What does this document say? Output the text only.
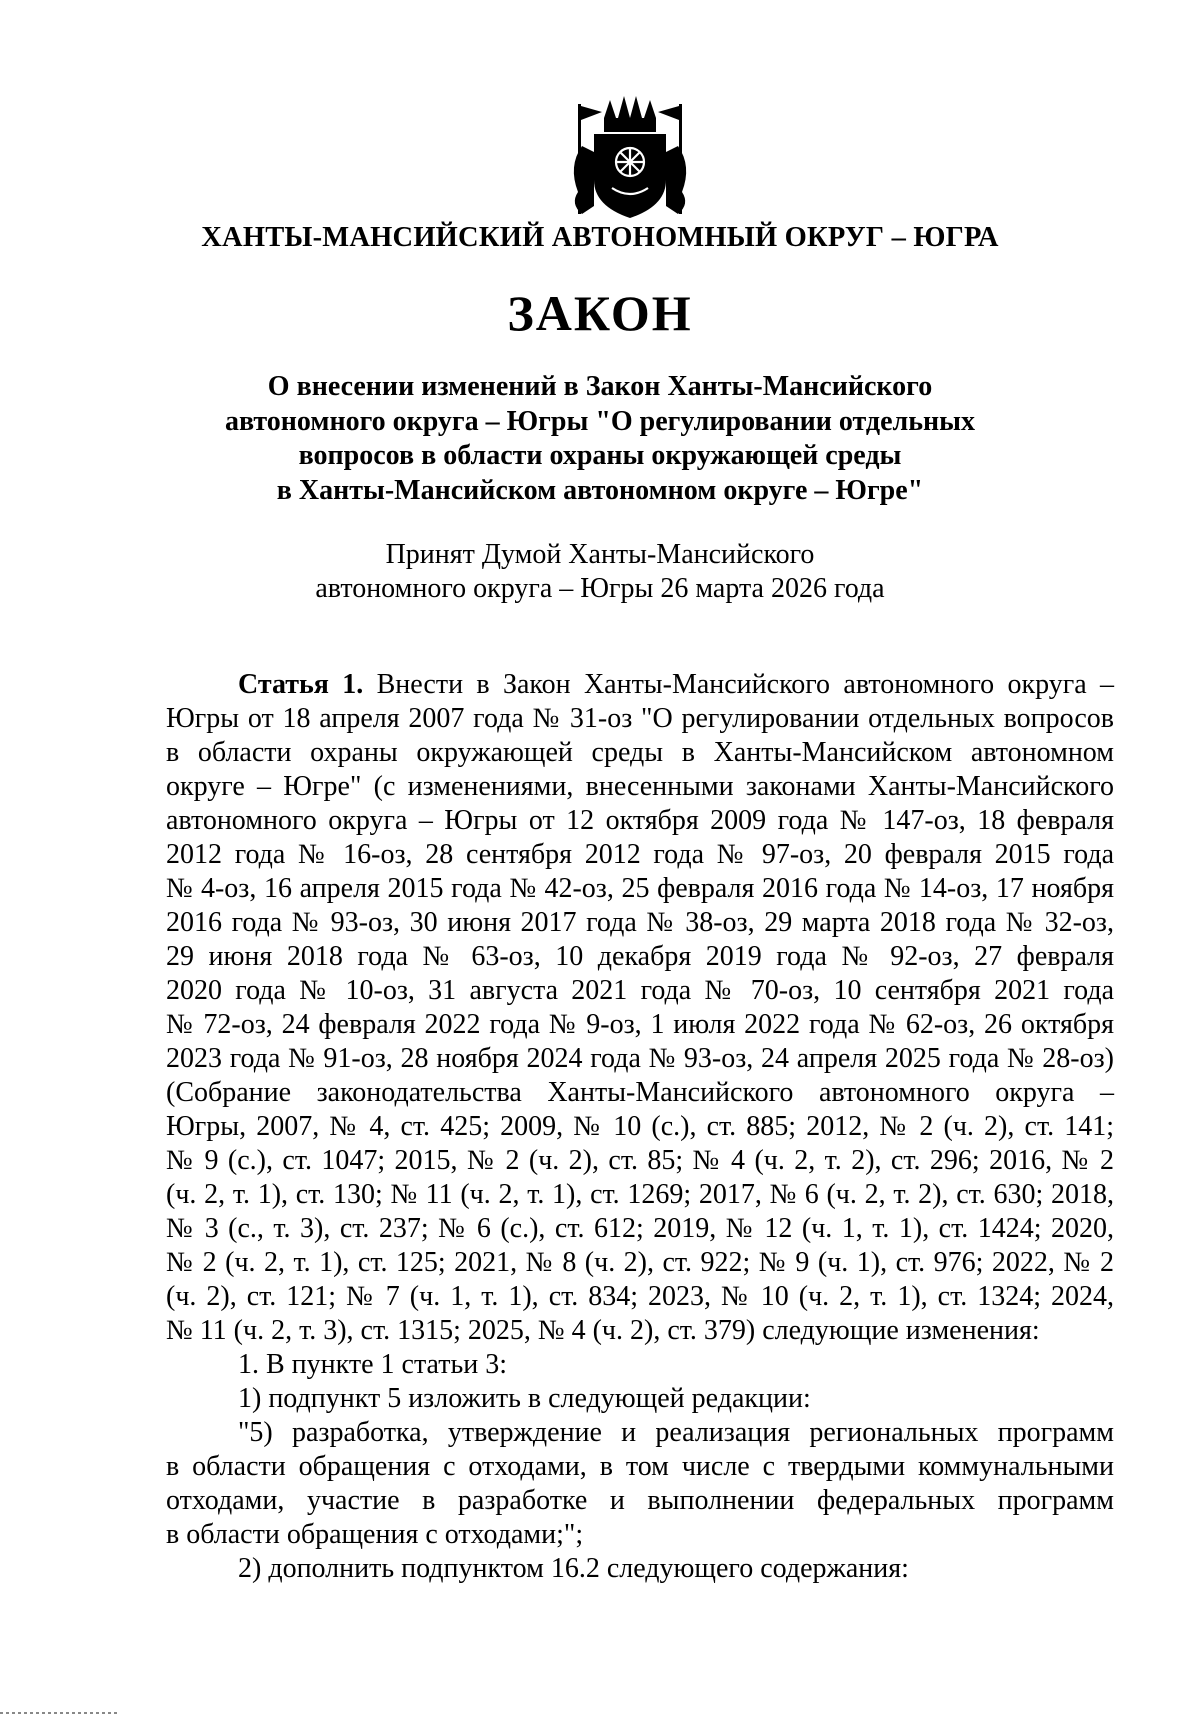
ХАНТЫ-МАНСИЙСКИЙ АВТОНОМНЫЙ ОКРУГ – ЮГРА
ЗАКОН
О внесении изменений в Закон Ханты-Мансийского
автономного округа – Югры "О регулировании отдельных
вопросов в области охраны окружающей среды
в Ханты-Мансийском автономном округе – Югре"
Принят Думой Ханты-Мансийского
автономного округа – Югры 26 марта 2026 года

Статья 1. Внести в Закон Ханты-Мансийского автономного округа –

Югры от 18 апреля 2007 года № 31-оз "О регулировании отдельных вопросов

в области охраны окружающей среды в Ханты-Мансийском автономном

округе – Югре" (с изменениями, внесенными законами Ханты-Мансийского

автономного округа – Югры от 12 октября 2009 года № 147-оз, 18 февраля

2012 года № 16-оз, 28 сентября 2012 года № 97-оз, 20 февраля 2015 года

№ 4-оз, 16 апреля 2015 года № 42-оз, 25 февраля 2016 года № 14-оз, 17 ноября

2016 года № 93-оз, 30 июня 2017 года № 38-оз, 29 марта 2018 года № 32-оз,

29 июня 2018 года № 63-оз, 10 декабря 2019 года № 92-оз, 27 февраля

2020 года № 10-оз, 31 августа 2021 года № 70-оз, 10 сентября 2021 года

№ 72-оз, 24 февраля 2022 года № 9-оз, 1 июля 2022 года № 62-оз, 26 октября

2023 года № 91-оз, 28 ноября 2024 года № 93-оз, 24 апреля 2025 года № 28-оз)

(Собрание законодательства Ханты-Мансийского автономного округа –

Югры, 2007, № 4, ст. 425; 2009, № 10 (с.), ст. 885; 2012, № 2 (ч. 2), ст. 141;

№ 9 (с.), ст. 1047; 2015, № 2 (ч. 2), ст. 85; № 4 (ч. 2, т. 2), ст. 296; 2016, № 2

(ч. 2, т. 1), ст. 130; № 11 (ч. 2, т. 1), ст. 1269; 2017, № 6 (ч. 2, т. 2), ст. 630; 2018,

№ 3 (с., т. 3), ст. 237; № 6 (с.), ст. 612; 2019, № 12 (ч. 1, т. 1), ст. 1424; 2020,

№ 2 (ч. 2, т. 1), ст. 125; 2021, № 8 (ч. 2), ст. 922; № 9 (ч. 1), ст. 976; 2022, № 2

(ч. 2), ст. 121; № 7 (ч. 1, т. 1), ст. 834; 2023, № 10 (ч. 2, т. 1), ст. 1324; 2024,

№ 11 (ч. 2, т. 3), ст. 1315; 2025, № 4 (ч. 2), ст. 379) следующие изменения:

1. В пункте 1 статьи 3:

1) подпункт 5 изложить в следующей редакции:

"5) разработка, утверждение и реализация региональных программ

в области обращения с отходами, в том числе с твердыми коммунальными

отходами, участие в разработке и выполнении федеральных программ

в области обращения с отходами;";

2) дополнить подпунктом 16.2 следующего содержания:
